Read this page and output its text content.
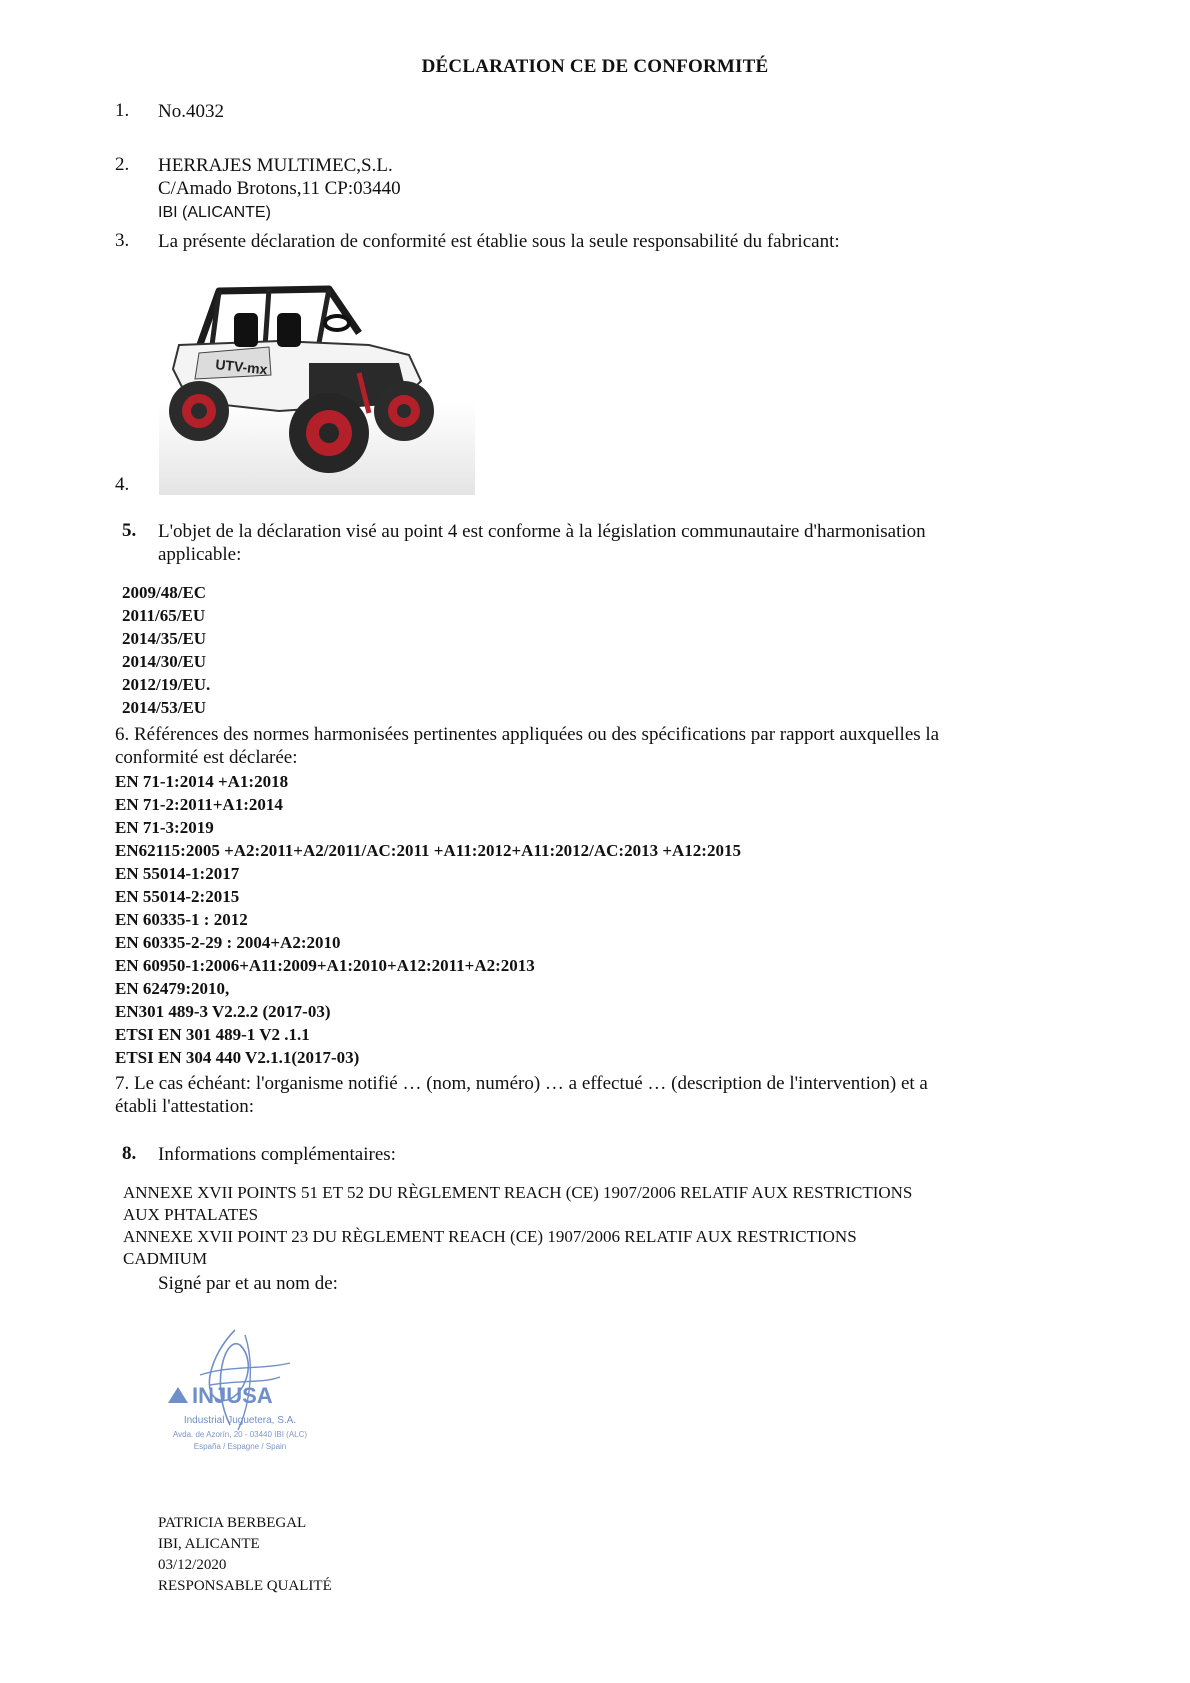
DÉCLARATION CE DE CONFORMITÉ
1. No.4032
2. HERRAJES MULTIMEC,S.L.
C/Amado Brotons,11 CP:03440
IBI (ALICANTE)
3. La présente déclaration de conformité est établie sous la seule responsabilité du fabricant:
4.
UTV-mx
5. L'objet de la déclaration visé au point 4 est conforme à la législation communautaire d'harmonisation
applicable:
2009/48/EC
2011/65/EU
2014/35/EU
2014/30/EU
2012/19/EU.
2014/53/EU
6. Références des normes harmonisées pertinentes appliquées ou des spécifications par rapport auxquelles la
conformité est déclarée:
EN 71-1:2014 +A1:2018
EN 71-2:2011+A1:2014
EN 71-3:2019
EN62115:2005 +A2:2011+A2/2011/AC:2011 +A11:2012+A11:2012/AC:2013 +A12:2015
EN 55014-1:2017
EN 55014-2:2015
EN 60335-1 : 2012
EN 60335-2-29 : 2004+A2:2010
EN 60950-1:2006+A11:2009+A1:2010+A12:2011+A2:2013
EN 62479:2010,
EN301 489-3 V2.2.2 (2017-03)
ETSI EN 301 489-1 V2 .1.1
ETSI EN 304 440 V2.1.1(2017-03)
7. Le cas échéant: l'organisme notifié … (nom, numéro) … a effectué … (description de l'intervention) et a
établi l'attestation:
8. Informations complémentaires:
ANNEXE XVII POINTS 51 ET 52 DU RÈGLEMENT REACH (CE) 1907/2006 RELATIF AUX RESTRICTIONS
AUX PHTALATES
ANNEXE XVII POINT 23 DU RÈGLEMENT REACH (CE) 1907/2006 RELATIF AUX RESTRICTIONS
CADMIUM
Signé par et au nom de:
INJUSA
Industrial Juguetera, S.A.
Avda. de Azorín, 20 - 03440 IBI (ALC)
España / Espagne / Spain
PATRICIA BERBEGAL
IBI, ALICANTE
03/12/2020
RESPONSABLE QUALITÉ
